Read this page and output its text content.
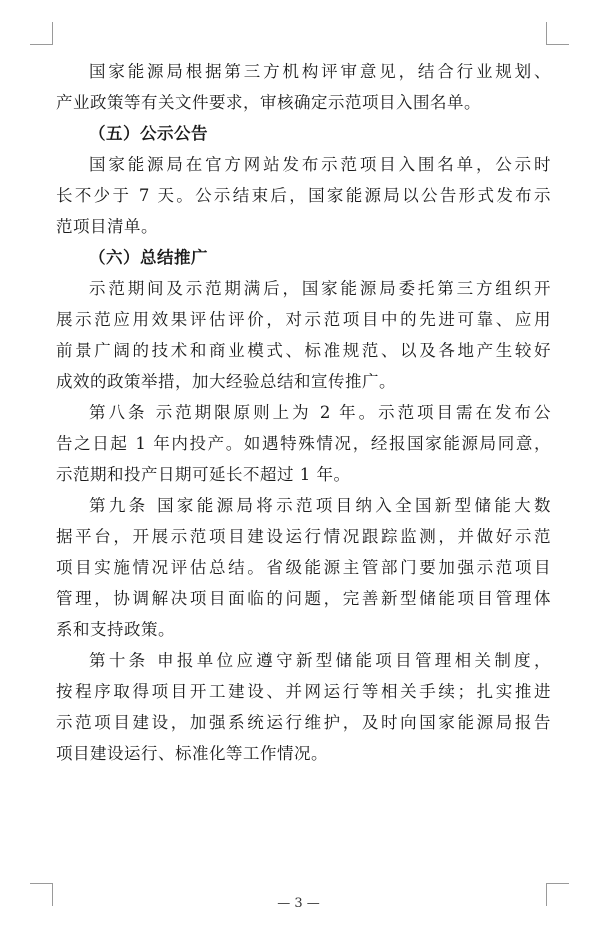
国家能源局根据第三方机构评审意见，结合行业规划、
产业政策等有关文件要求，审核确定示范项目入围名单。
（五）公示公告
国家能源局在官方网站发布示范项目入围名单，公示时
长不少于 7 天。公示结束后，国家能源局以公告形式发布示
范项目清单。
（六）总结推广
示范期间及示范期满后，国家能源局委托第三方组织开
展示范应用效果评估评价，对示范项目中的先进可靠、应用
前景广阔的技术和商业模式、标准规范、以及各地产生较好
成效的政策举措，加大经验总结和宣传推广。
第八条 示范期限原则上为 2 年。示范项目需在发布公
告之日起 1 年内投产。如遇特殊情况，经报国家能源局同意，
示范期和投产日期可延长不超过 1 年。
第九条 国家能源局将示范项目纳入全国新型储能大数
据平台，开展示范项目建设运行情况跟踪监测，并做好示范
项目实施情况评估总结。省级能源主管部门要加强示范项目
管理，协调解决项目面临的问题，完善新型储能项目管理体
系和支持政策。
第十条 申报单位应遵守新型储能项目管理相关制度，
按程序取得项目开工建设、并网运行等相关手续；扎实推进
示范项目建设，加强系统运行维护，及时向国家能源局报告
项目建设运行、标准化等工作情况。
— 3 —
